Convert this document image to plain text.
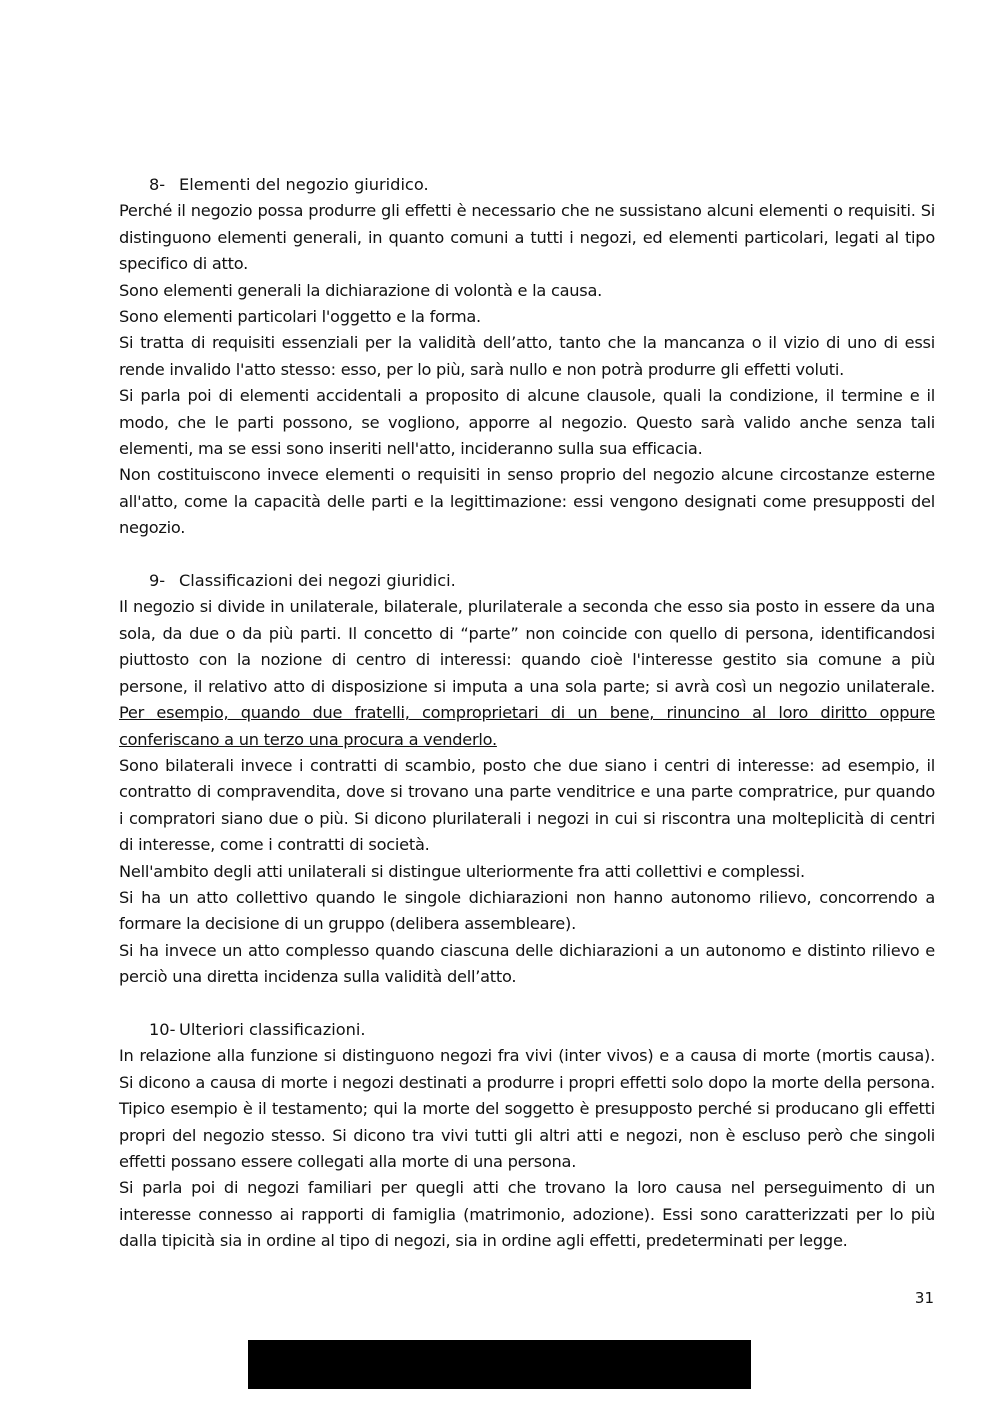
8- Elementi del negozio giuridico.

Perché il negozio possa produrre gli effetti è necessario che ne sussistano alcuni elementi o requisiti. Si distinguono elementi generali, in quanto comuni a tutti i negozi, ed elementi particolari, legati al tipo specifico di atto.

Sono elementi generali la dichiarazione di volontà e la causa.

Sono elementi particolari l'oggetto e la forma.

Si tratta di requisiti essenziali per la validità dell’atto, tanto che la mancanza o il vizio di uno di essi rende invalido l'atto stesso: esso, per lo più, sarà nullo e non potrà produrre gli effetti voluti.

Si parla poi di elementi accidentali a proposito di alcune clausole, quali la condizione, il termine e il modo, che le parti possono, se vogliono, apporre al negozio. Questo sarà valido anche senza tali elementi, ma se essi sono inseriti nell'atto, incideranno sulla sua efficacia.

Non costituiscono invece elementi o requisiti in senso proprio del negozio alcune circostanze esterne all'atto, come la capacità delle parti e la legittimazione: essi vengono designati come presupposti del negozio.

9- Classificazioni dei negozi giuridici.

Il negozio si divide in unilaterale, bilaterale, plurilaterale a seconda che esso sia posto in essere da una sola, da due o da più parti. Il concetto di “parte” non coincide con quello di persona, identificandosi piuttosto con la nozione di centro di interessi: quando cioè l'interesse gestito sia comune a più persone, il relativo atto di disposizione si imputa a una sola parte; si avrà così un negozio unilaterale. Per esempio, quando due fratelli, comproprietari di un bene, rinuncino al loro diritto oppure conferiscano a un terzo una procura a venderlo.

Sono bilaterali invece i contratti di scambio, posto che due siano i centri di interesse: ad esempio, il contratto di compravendita, dove si trovano una parte venditrice e una parte compratrice, pur quando i compratori siano due o più. Si dicono plurilaterali i negozi in cui si riscontra una molteplicità di centri di interesse, come i contratti di società.

Nell'ambito degli atti unilaterali si distingue ulteriormente fra atti collettivi e complessi.

Si ha un atto collettivo quando le singole dichiarazioni non hanno autonomo rilievo, concorrendo a formare la decisione di un gruppo (delibera assembleare).

Si ha invece un atto complesso quando ciascuna delle dichiarazioni a un autonomo e distinto rilievo e perciò una diretta incidenza sulla validità dell’atto.

10- Ulteriori classificazioni.

In relazione alla funzione si distinguono negozi fra vivi (inter vivos) e a causa di morte (mortis causa). Si dicono a causa di morte i negozi destinati a produrre i propri effetti solo dopo la morte della persona. Tipico esempio è il testamento; qui la morte del soggetto è presupposto perché si producano gli effetti propri del negozio stesso. Si dicono tra vivi tutti gli altri atti e negozi, non è escluso però che singoli effetti possano essere collegati alla morte di una persona.

Si parla poi di negozi familiari per quegli atti che trovano la loro causa nel perseguimento di un interesse connesso ai rapporti di famiglia (matrimonio, adozione). Essi sono caratterizzati per lo più dalla tipicità sia in ordine al tipo di negozi, sia in ordine agli effetti, predeterminati per legge.

31
